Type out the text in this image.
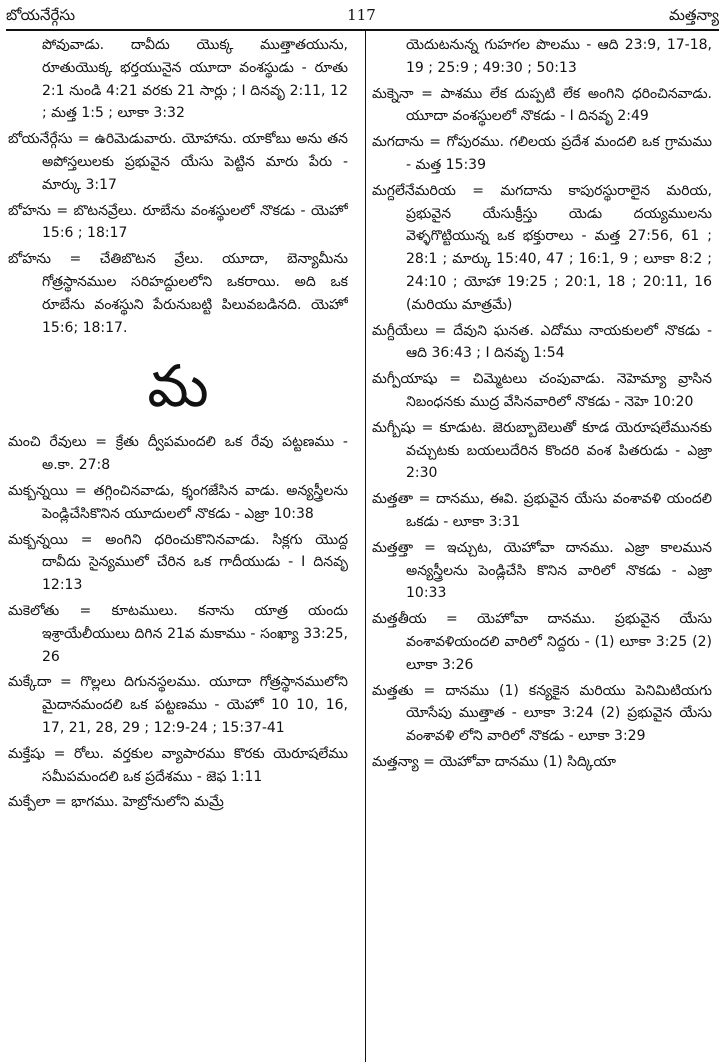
బోయనేర్గేసు	117	మత్తన్యా

పోవువాడు. దావీదు యొక్క ముత్తాతయును, రూతుయొక్క భర్తయునైన యూదా వంశస్థుడు - రూతు 2:1 నుండి 4:21 వరకు 21 సార్లు ; I దినవృ 2:11, 12 ; మత్త 1:5 ; లూకా 3:32

బోయనేర్గేసు = ఉరిమెడువారు. యోహాను. యాకోబు అను తన అపోస్తలులకు ప్రభువైన యేసు పెట్టిన మారు పేరు - మార్కు 3:17

బోహను = బొటనవ్రేలు. రూబేను వంశస్థులలో నొకడు - యెహో 15:6 ; 18:17

బోహను = చేతిబొటన వ్రేలు. యూదా, బెన్యామీను గోత్రస్థానముల సరిహద్దులలోని ఒకరాయి. అది ఒక రూబేను వంశస్థుని పేరునుబట్టి పిలువబడినది. యెహో 15:6; 18:17.

మ

మంచి రేవులు = క్రేతు ద్వీపమందలి ఒక రేవు పట్టణము - అ.కా. 27:8

మక్బన్నయి = తగ్గించినవాడు, క్శంగజేసిన వాడు. అన్యస్త్రీలను పెండ్లిచేసికొనిన యూదులలో నొకడు - ఎజ్రా 10:38

మక్బన్నయి = అంగిని ధరించుకొనినవాడు. సిక్లగు యొద్ద దావీదు సైన్యములో చేరిన ఒక గాదీయుడు - I దినవృ 12:13

మకెలోతు = కూటములు. కనాను యాత్ర యందు ఇశ్రాయేలీయులు దిగిన 21వ మకాము - సంఖ్యా 33:25, 26

మక్కేదా = గొల్లలు దిగునస్థలము. యూదా గోత్రస్థానములోని మైదానమందలి ఒక పట్టణము - యెహో 10 10, 16, 17, 21, 28, 29 ; 12:9-24 ; 15:37-41

మక్తేషు = రోలు. వర్తకుల వ్యాపారము కొరకు యెరూషలేము సమీపమందలి ఒక ప్రదేశము - జెఫ 1:11

మక్పేలా = భాగము. హెబ్రోనులోని మమ్రే

యెదుటనున్న గుహగల పొలము - ఆది 23:9, 17-18, 19 ; 25:9 ; 49:30 ; 50:13

మక్నెనా = పాశము లేక దుప్పటి లేక అంగిని ధరించినవాడు. యూదా వంశస్థులలో నొకడు - I దినవృ 2:49

మగదాను = గోపురము. గలిలయ ప్రదేశ మందలి ఒక గ్రామము - మత్త 15:39

మగ్దలేనేమరియ = మగదాను కాపురస్థురాలైన మరియ, ప్రభువైన యేసుక్రీస్తు యెడు దయ్యములను వెళ్ళగొట్టియున్న ఒక భక్తురాలు - మత్త 27:56, 61 ; 28:1 ; మార్కు 15:40, 47 ; 16:1, 9 ; లూకా 8:2 ; 24:10 ; యోహా 19:25 ; 20:1, 18 ; 20:11, 16 (మరియు మాత్రమే)

మగ్దీయేలు = దేవుని ఘనత. ఎదోము నాయకులలో నొకడు - ఆది 36:43 ; I దినవృ 1:54

మగ్పీయాషు = చిమ్మెటలు చంపువాడు. నెహెమ్యా వ్రాసిన నిబంధనకు ముద్ర వేసినవారిలో నొకడు - నెహె 10:20

మగ్బీషు = కూడుట. జెరుబ్బాబెలుతో కూడ యెరూషలేమునకు వచ్చుటకు బయలుదేరిన కొందరి వంశ పితరుడు - ఎజ్రా 2:30

మత్తతా = దానము, ఈవి. ప్రభువైన యేసు వంశావళి యందలి ఒకడు - లూకా 3:31

మత్తత్తా = ఇచ్చుట, యెహోవా దానము. ఎజ్రా కాలమున అన్యస్త్రీలను పెండ్లిచేసి కొనిన వారిలో నొకడు - ఎజ్రా 10:33

మత్తతీయ = యెహోవా దానము. ప్రభువైన యేసు వంశావళియందలి వారిలో నిద్దరు - (1) లూకా 3:25 (2) లూకా 3:26

మత్తతు = దానము (1) కన్యకైన మరియు పెనిమిటియగు యోసేపు ముత్తాత - లూకా 3:24 (2) ప్రభువైన యేసు వంశావళి లోని వారిలో నొకడు - లూకా 3:29

మత్తన్యా = యెహోవా దానము (1) సిద్కియా
